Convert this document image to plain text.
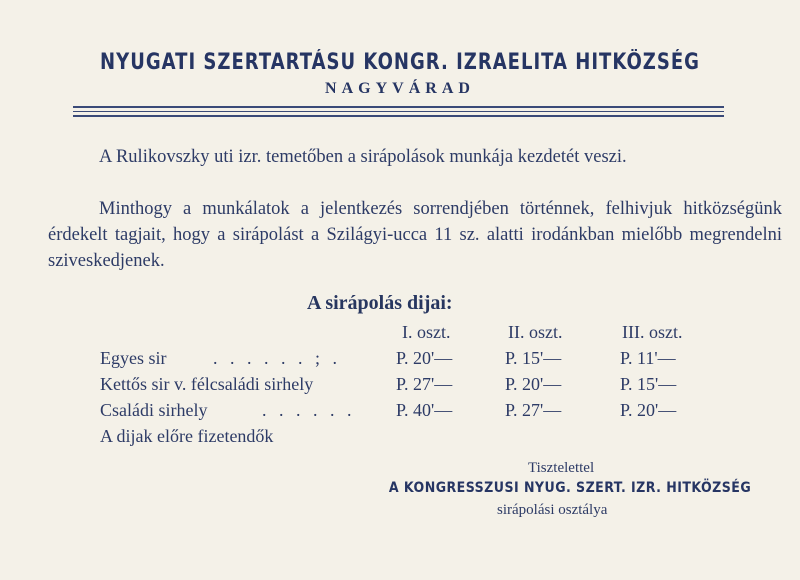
NYUGATI SZERTARTÁSU KONGR. IZRAELITA HITKÖZSÉG
NAGYVÁRAD
A Rulikovszky uti izr. temetőben a sirápolások munkája kezdetét veszi.
Minthogy a munkálatok a jelentkezés sorrendjében történnek, felhivjuk hitközségünk érdekelt tagjait, hogy a sirápolást a Szilágyi-ucca 11 sz. alatti irodánkban mielőbb megrendelni sziveskedjenek.
A sirápolás dijai:
I. oszt.	II. oszt.	III. oszt.
Egyes sir	. . . . . . ; .	P. 20'—	P. 15'—	P. 11'—
Kettős sir v. félcsaládi sirhely	P. 27'—	P. 20'—	P. 15'—
Családi sirhely	. . . . . . P. 40'—	P. 27'—	P. 20'—
A dijak előre fizetendők
Tisztelettel
A KONGRESSZUSI NYUG. SZERT. IZR. HITKÖZSÉG
sirápolási osztálya
